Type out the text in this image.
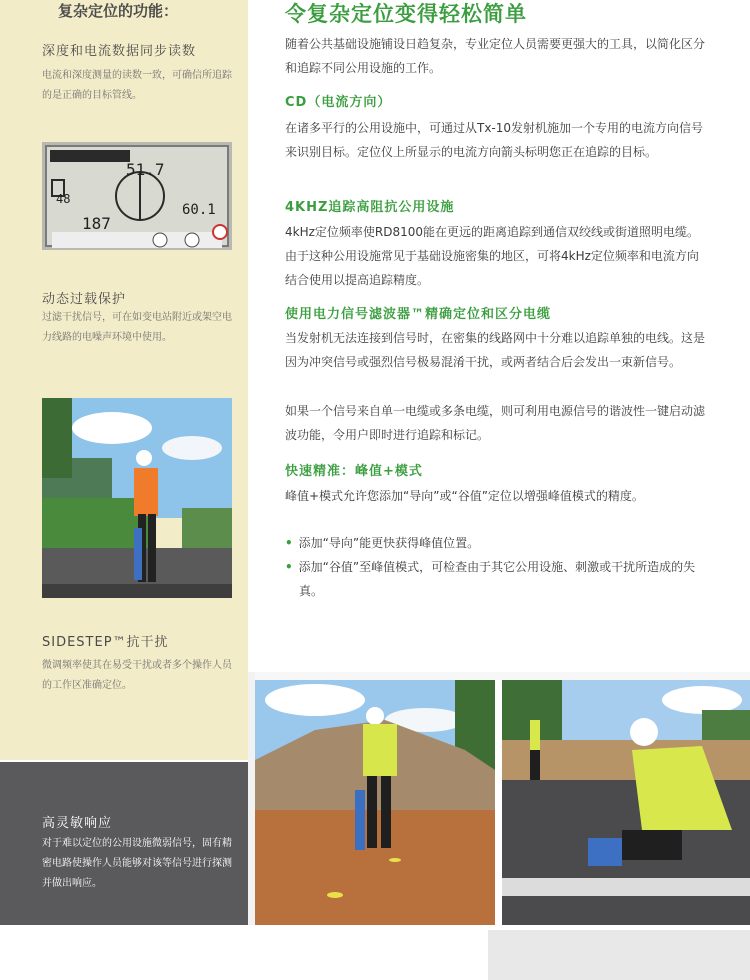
复杂定位的功能：
深度和电流数据同步读数
电流和深度测量的读数一致，可确信所追踪的是正确的目标管线。
51.7
48
187
60.1
动态过载保护
过滤干扰信号，可在如变电站附近或架空电力线路的电噪声环境中使用。
SIDESTEP™抗干扰
微调频率使其在易受干扰或者多个操作人员的工作区准确定位。
高灵敏响应
对于难以定位的公用设施微弱信号，固有精密电路使操作人员能够对该等信号进行探测并做出响应。
令复杂定位变得轻松简单
随着公共基础设施铺设日趋复杂，专业定位人员需要更强大的工具，以简化区分和追踪不同公用设施的工作。
CD（电流方向）
在诸多平行的公用设施中，可通过从Tx-10发射机施加一个专用的电流方向信号来识别目标。定位仪上所显示的电流方向箭头标明您正在追踪的目标。
4KHZ追踪高阻抗公用设施
4kHz定位频率使RD8100能在更远的距离追踪到通信双绞线或街道照明电缆。由于这种公用设施常见于基础设施密集的地区，可将4kHz定位频率和电流方向结合使用以提高追踪精度。
使用电力信号滤波器™精确定位和区分电缆
当发射机无法连接到信号时，在密集的线路网中十分难以追踪单独的电线。这是因为冲突信号或强烈信号极易混淆干扰，或两者结合后会发出一束新信号。
如果一个信号来自单一电缆或多条电缆，则可利用电源信号的谐波性一键启动滤波功能，令用户即时进行追踪和标记。
快速精准：峰值+模式
峰值+模式允许您添加“导向”或“谷值”定位以增强峰值模式的精度。
• 添加“导向”能更快获得峰值位置。
• 添加“谷值”至峰值模式，可检查由于其它公用设施、刺激或干扰所造成的失真。
